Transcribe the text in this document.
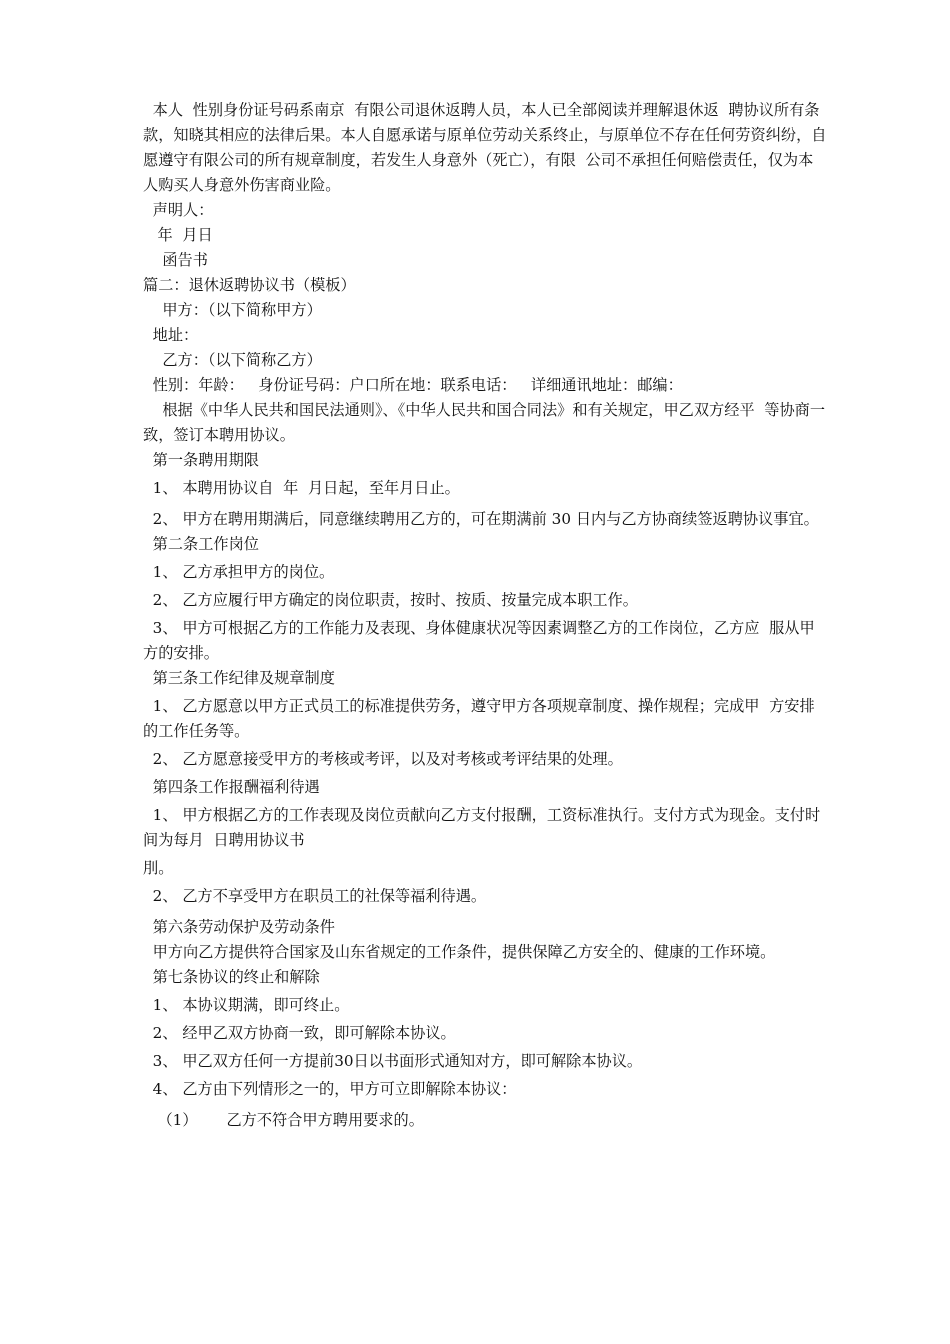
本人  性别身份证号码系南京  有限公司退休返聘人员，本人已全部阅读并理解退休返  聘协议所有条款，知晓其相应的法律后果。本人自愿承诺与原单位劳动关系终止，与原单位不存在任何劳资纠纷，自愿遵守有限公司的所有规章制度，若发生人身意外（死亡），有限  公司不承担任何赔偿责任，仅为本人购买人身意外伤害商业险。

声明人：

年  月日

函告书

篇二：退休返聘协议书（模板）

甲方：（以下简称甲方）

地址：

乙方：（以下简称乙方）

性别：年龄：   身份证号码：户口所在地：联系电话：   详细通讯地址：邮编：

根据《中华人民共和国民法通则》、《中华人民共和国合同法》和有关规定，甲乙双方经平  等协商一致，签订本聘用协议。

第一条聘用期限

1、 本聘用协议自  年  月日起，至年月日止。

2、 甲方在聘用期满后，同意继续聘用乙方的，可在期满前 30 日内与乙方协商续签返聘协议事宜。

第二条工作岗位

1、 乙方承担甲方的岗位。

2、 乙方应履行甲方确定的岗位职责，按时、按质、按量完成本职工作。

3、 甲方可根据乙方的工作能力及表现、身体健康状况等因素调整乙方的工作岗位，乙方应  服从甲方的安排。

第三条工作纪律及规章制度

1、 乙方愿意以甲方正式员工的标准提供劳务，遵守甲方各项规章制度、操作规程；完成甲  方安排的工作任务等。

2、 乙方愿意接受甲方的考核或考评，以及对考核或考评结果的处理。

第四条工作报酬福利待遇

1、 甲方根据乙方的工作表现及岗位贡献向乙方支付报酬，工资标准执行。支付方式为现金。支付时间为每月  日聘用协议书

刖。

2、 乙方不享受甲方在职员工的社保等福利待遇。

第六条劳动保护及劳动条件

甲方向乙方提供符合国家及山东省规定的工作条件，提供保障乙方安全的、健康的工作环境。

第七条协议的终止和解除

1、 本协议期满，即可终止。

2、 经甲乙双方协商一致，即可解除本协议。

3、 甲乙双方任何一方提前30日以书面形式通知对方，即可解除本协议。

4、 乙方由下列情形之一的，甲方可立即解除本协议：

（1）      乙方不符合甲方聘用要求的。
